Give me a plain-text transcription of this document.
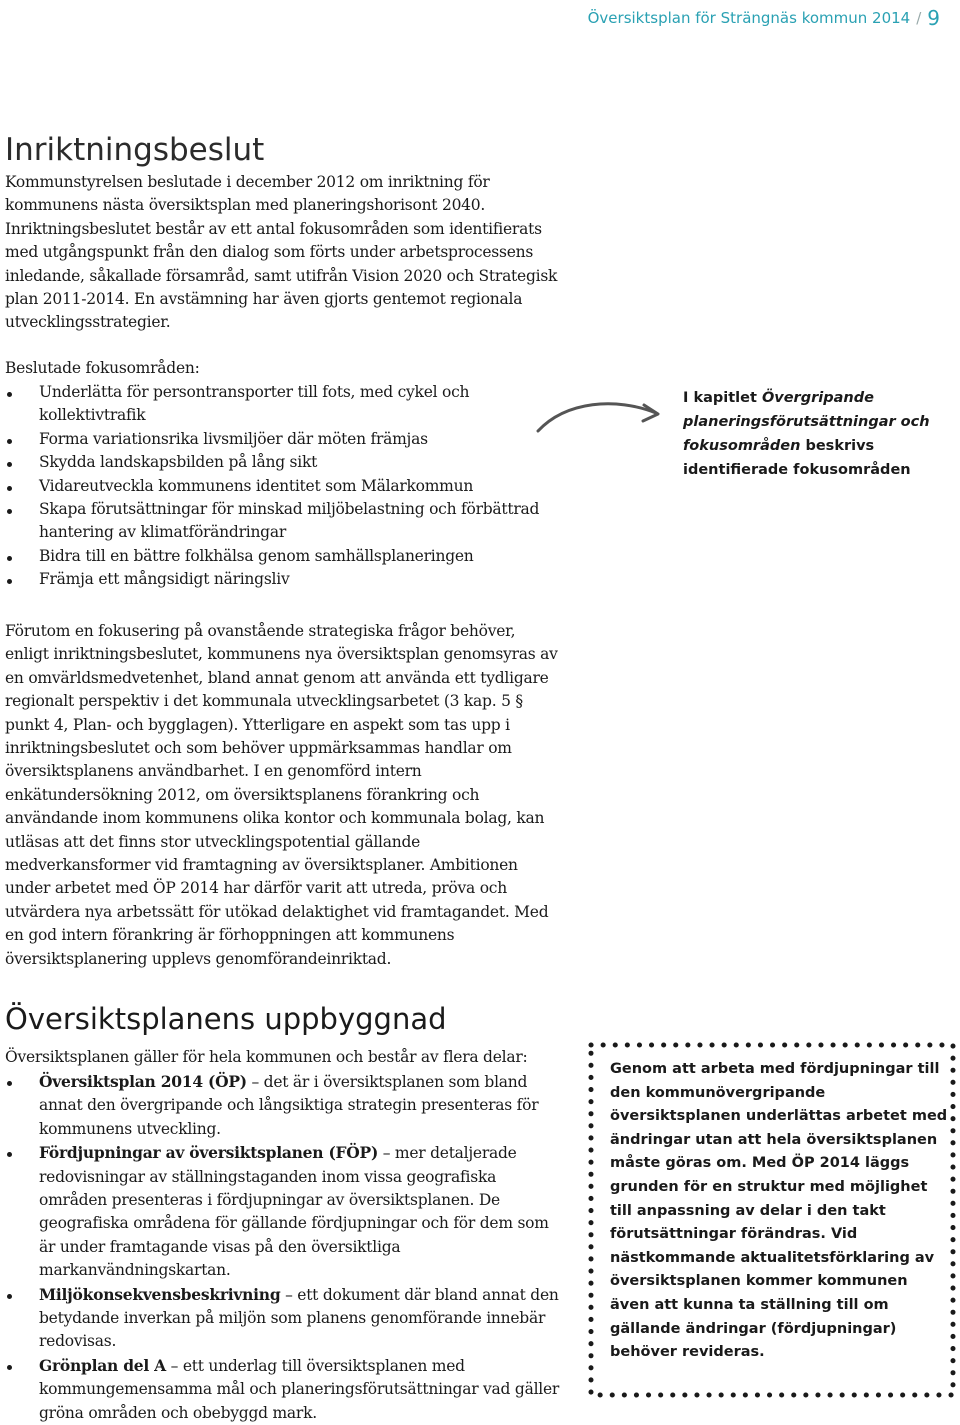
Översiktsplan för Strängnäs kommun 2014 / 9
Inriktningsbeslut
Kommunstyrelsen beslutade i december 2012 om inriktning för kommunens nästa översiktsplan med planeringshorisont 2040. Inriktningsbeslutet består av ett antal fokusområden som identifierats med utgångspunkt från den dialog som förts under arbetsprocessens inledande, såkallade församråd, samt utifrån Vision 2020 och Strategisk plan 2011-2014. En avstämning har även gjorts gentemot regionala utvecklingsstrategier.
Beslutade fokusområden:
Underlätta för persontransporter till fots, med cykel och kollektivtrafik
Forma variationsrika livsmiljöer där möten främjas
Skydda landskapsbilden på lång sikt
Vidareutveckla kommunens identitet som Mälarkommun
Skapa förutsättningar för minskad miljöbelastning och förbättrad hantering av klimatförändringar
Bidra till en bättre folkhälsa genom samhällsplaneringen
Främja ett mångsidigt näringsliv
I kapitlet Övergripande planeringsförutsättningar och fokusområden beskrivs identifierade fokusområden
Förutom en fokusering på ovanstående strategiska frågor behöver, enligt inriktningsbeslutet, kommunens nya översiktsplan genomsyras av en omvärldsmedvetenhet, bland annat genom att använda ett tydligare regionalt perspektiv i det kommunala utvecklingsarbetet (3 kap. 5 § punkt 4, Plan- och bygglagen). Ytterligare en aspekt som tas upp i inriktningsbeslutet och som behöver uppmärksammas handlar om översiktsplanens användbarhet. I en genomförd intern enkätundersökning 2012, om översiktsplanens förankring och användande inom kommunens olika kontor och kommunala bolag, kan utläsas att det finns stor utvecklingspotential gällande medverkansformer vid framtagning av översiktsplaner. Ambitionen under arbetet med ÖP 2014 har därför varit att utreda, pröva och utvärdera nya arbetssätt för utökad delaktighet vid framtagandet. Med en god intern förankring är förhoppningen att kommunens översiktsplanering upplevs genomförandeinriktad.
Översiktsplanens uppbyggnad
Översiktsplanen gäller för hela kommunen och består av flera delar:
Översiktsplan 2014 (ÖP) – det är i översiktsplanen som bland annat den övergripande och långsiktiga strategin presenteras för kommunens utveckling.
Fördjupningar av översiktsplanen (FÖP) – mer detaljerade redovisningar av ställningstaganden inom vissa geografiska områden presenteras i fördjupningar av översiktsplanen. De geografiska områdena för gällande fördjupningar och för dem som är under framtagande visas på den översiktliga markanvändningskartan.
Miljökonsekvensbeskrivning – ett dokument där bland annat den betydande inverkan på miljön som planens genomförande innebär redovisas.
Grönplan del A – ett underlag till översiktsplanen med kommungemensamma mål och planeringsförutsättningar vad gäller gröna områden och obebyggd mark.
Genom att arbeta med fördjupningar till den kommunövergripande översiktsplanen underlättas arbetet med ändringar utan att hela översiktsplanen måste göras om. Med ÖP 2014 läggs grunden för en struktur med möjlighet till anpassning av delar i den takt förutsättningar förändras. Vid nästkommande aktualitetsförklaring av översiktsplanen kommer kommunen även att kunna ta ställning till om gällande ändringar (fördjupningar) behöver revideras.
